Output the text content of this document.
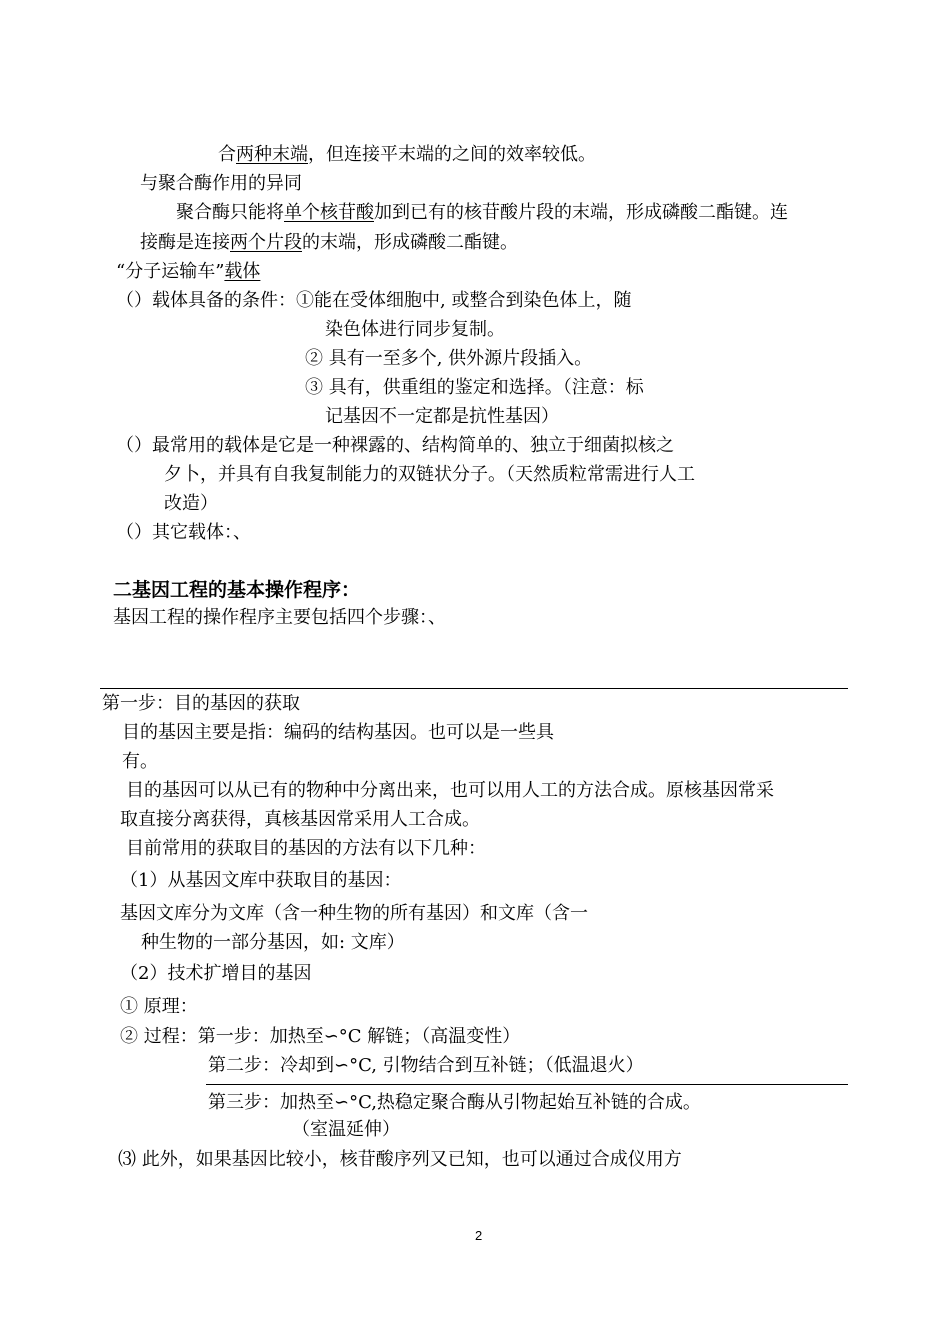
合两种末端，但连接平末端的之间的效率较低。
与聚合酶作用的异同
聚合酶只能将单个核苷酸加到已有的核苷酸片段的末端，形成磷酸二酯键。连
接酶是连接两个片段的末端，形成磷酸二酯键。
“分子运输车”载体
（）载体具备的条件：①能在受体细胞中, 或整合到染色体上，随
染色体进行同步复制。
② 具有一至多个, 供外源片段插入。
③ 具有，供重组的鉴定和选择。（注意：标
记基因不一定都是抗性基因）
（）最常用的载体是它是一种裸露的、结构简单的、独立于细菌拟核之
夕卜，并具有自我复制能力的双链状分子。（天然质粒常需进行人工
改造）
（）其它载体：、
二基因工程的基本操作程序：
基因工程的操作程序主要包括四个步骤：、
第一步：目的基因的获取
目的基因主要是指：编码的结构基因。也可以是一些具
有。
目的基因可以从已有的物种中分离出来，也可以用人工的方法合成。原核基因常采
取直接分离获得，真核基因常采用人工合成。
目前常用的获取目的基因的方法有以下几种：
（1）从基因文库中获取目的基因：
基因文库分为文库（含一种生物的所有基因）和文库（含一
种生物的一部分基因，如: 文库）
（2）技术扩增目的基因
① 原理：
② 过程：第一步：加热至∽°C 解链；（高温变性）
第二步：冷却到∽°C, 引物结合到互补链；（低温退火）
第三步：加热至∽°C,热稳定聚合酶从引物起始互补链的合成。
（室温延伸）
⑶ 此外，如果基因比较小，核苷酸序列又已知，也可以通过合成仪用方
2
